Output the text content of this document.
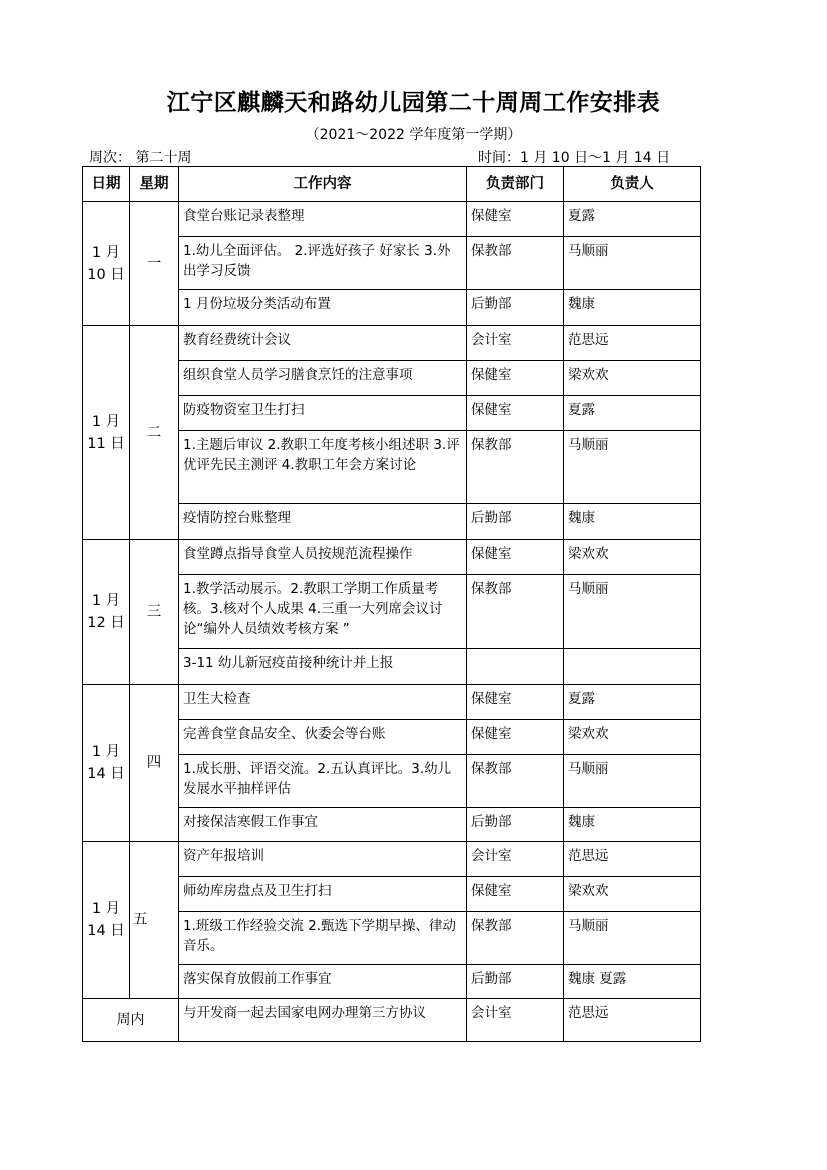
江宁区麒麟天和路幼儿园第二十周周工作安排表
（2021～2022 学年度第一学期）
周次： 第二十周	时间：1 月 10 日～1 月 14 日
日期	星期	工作内容	负责部门	负责人
1 月
10 日	一	食堂台账记录表整理	保健室	夏露
		1.幼儿全面评估。 2.评选好孩子 好家长 3.外出学习反馈	保教部	马顺丽
		1 月份垃圾分类活动布置	后勤部	魏康
1 月
11 日	二	教育经费统计会议	会计室	范思远
		组织食堂人员学习膳食烹饪的注意事项	保健室	梁欢欢
		防疫物资室卫生打扫	保健室	夏露
		1.主题后审议 2.教职工年度考核小组述职 3.评优评先民主测评 4.教职工年会方案讨论	保教部	马顺丽
		疫情防控台账整理	后勤部	魏康
1 月
12 日	三	食堂蹲点指导食堂人员按规范流程操作	保健室	梁欢欢
		1.教学活动展示。2.教职工学期工作质量考核。3.核对个人成果 4.三重一大列席会议讨论“编外人员绩效考核方案 ”	保教部	马顺丽
		3-11 幼儿新冠疫苗接种统计并上报		
1 月
14 日	四	卫生大检查	保健室	夏露
		完善食堂食品安全、伙委会等台账	保健室	梁欢欢
		1.成长册、评语交流。2.五认真评比。3.幼儿发展水平抽样评估	保教部	马顺丽
		对接保洁寒假工作事宜	后勤部	魏康
1 月
14 日	五	资产年报培训	会计室	范思远
		师幼库房盘点及卫生打扫	保健室	梁欢欢
		1.班级工作经验交流 2.甄选下学期早操、律动音乐。	保教部	马顺丽
		落实保育放假前工作事宜	后勤部	魏康 夏露
周内		与开发商一起去国家电网办理第三方协议	会计室	范思远
